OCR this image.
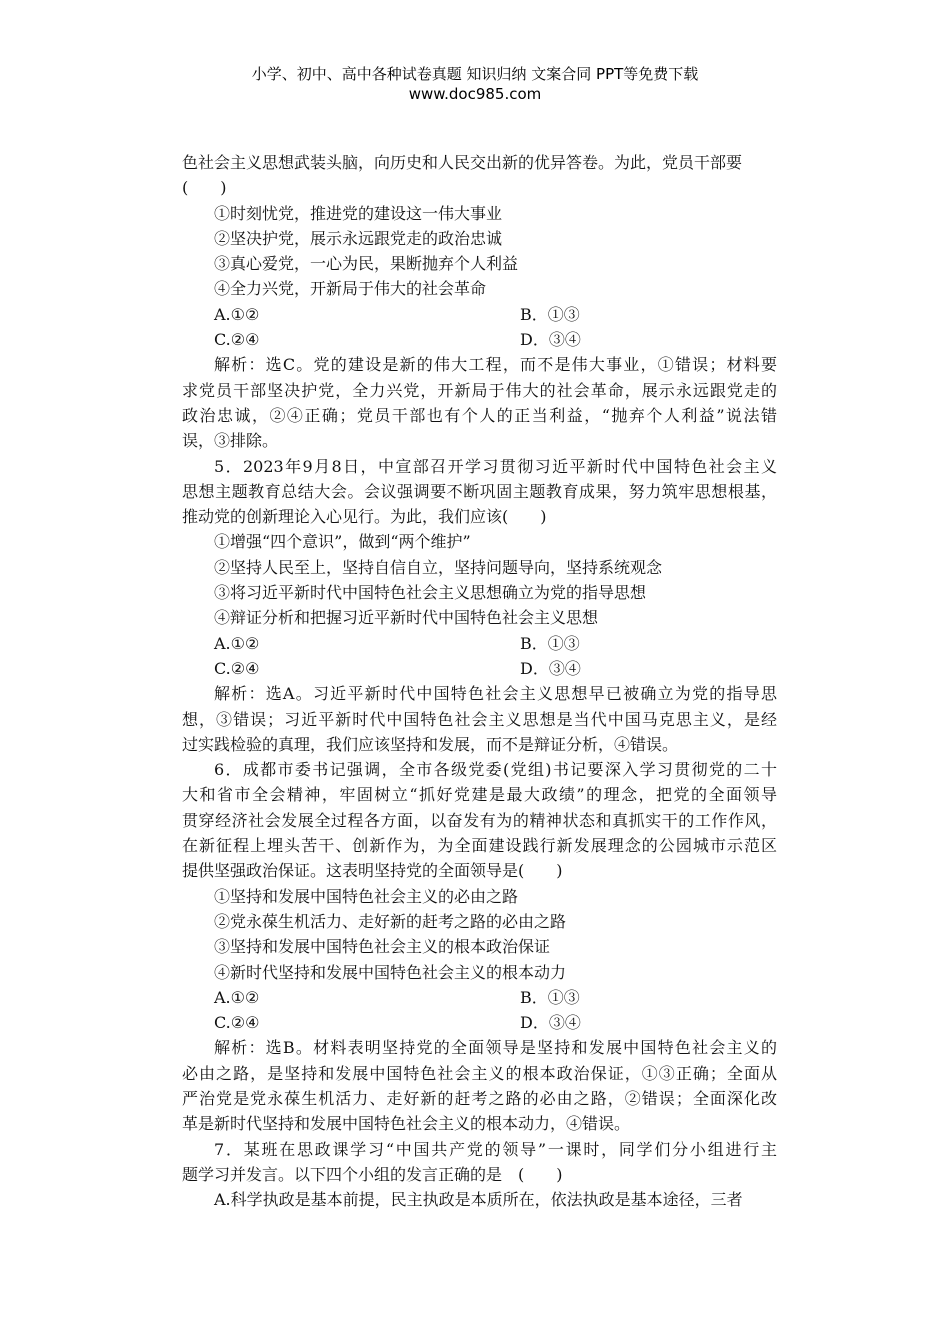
小学、初中、高中各种试卷真题 知识归纳 文案合同 PPT等免费下载
www.doc985.com
色社会主义思想武装头脑，向历史和人民交出新的优异答卷。为此，党员干部要
(　　)
①时刻忧党，推进党的建设这一伟大事业
②坚决护党，展示永远跟党走的政治忠诚
③真心爱党，一心为民，果断抛弃个人利益
④全力兴党，开新局于伟大的社会革命
A.①②	B．①③
C.②④	D．③④
解析：选C。党的建设是新的伟大工程，而不是伟大事业，①错误；材料要
求党员干部坚决护党，全力兴党，开新局于伟大的社会革命，展示永远跟党走的
政治忠诚，②④正确；党员干部也有个人的正当利益，“抛弃个人利益”说法错
误，③排除。
5．2023年9月8日，中宣部召开学习贯彻习近平新时代中国特色社会主义
思想主题教育总结大会。会议强调要不断巩固主题教育成果，努力筑牢思想根基，
推动党的创新理论入心见行。为此，我们应该(　　)
①增强“四个意识”，做到“两个维护”
②坚持人民至上，坚持自信自立，坚持问题导向，坚持系统观念
③将习近平新时代中国特色社会主义思想确立为党的指导思想
④辩证分析和把握习近平新时代中国特色社会主义思想
A.①②	B．①③
C.②④	D．③④
解析：选A。习近平新时代中国特色社会主义思想早已被确立为党的指导思
想，③错误；习近平新时代中国特色社会主义思想是当代中国马克思主义，是经
过实践检验的真理，我们应该坚持和发展，而不是辩证分析，④错误。
6．成都市委书记强调，全市各级党委(党组)书记要深入学习贯彻党的二十
大和省市全会精神，牢固树立“抓好党建是最大政绩”的理念，把党的全面领导
贯穿经济社会发展全过程各方面，以奋发有为的精神状态和真抓实干的工作作风，
在新征程上埋头苦干、创新作为，为全面建设践行新发展理念的公园城市示范区
提供坚强政治保证。这表明坚持党的全面领导是(　　)
①坚持和发展中国特色社会主义的必由之路
②党永葆生机活力、走好新的赶考之路的必由之路
③坚持和发展中国特色社会主义的根本政治保证
④新时代坚持和发展中国特色社会主义的根本动力
A.①②	B．①③
C.②④	D．③④
解析：选B。材料表明坚持党的全面领导是坚持和发展中国特色社会主义的
必由之路，是坚持和发展中国特色社会主义的根本政治保证，①③正确；全面从
严治党是党永葆生机活力、走好新的赶考之路的必由之路，②错误；全面深化改
革是新时代坚持和发展中国特色社会主义的根本动力，④错误。
7．某班在思政课学习“中国共产党的领导”一课时，同学们分小组进行主
题学习并发言。以下四个小组的发言正确的是　(　　)
A.科学执政是基本前提，民主执政是本质所在，依法执政是基本途径，三者
